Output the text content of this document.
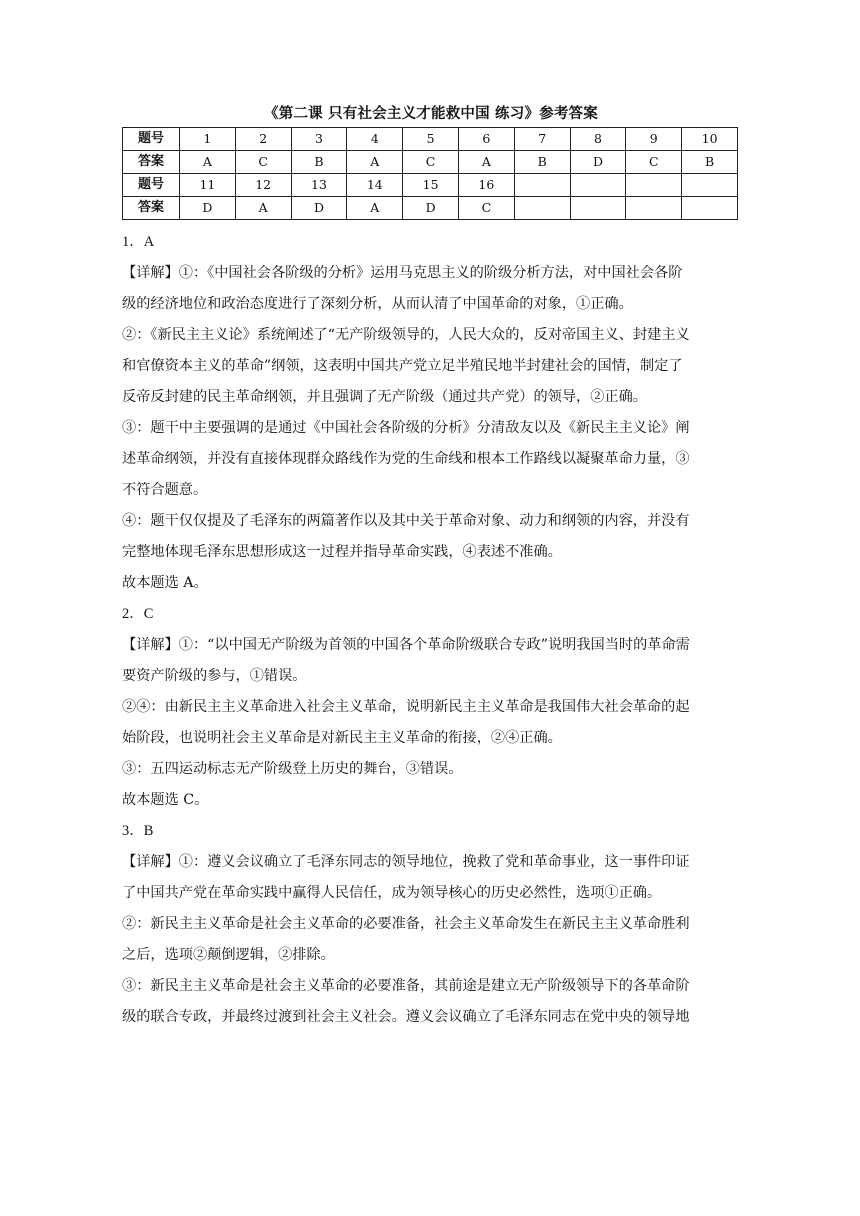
《第二课 只有社会主义才能救中国 练习》参考答案
题号	1	2	3	4	5	6	7	8	9	10
答案	A	C	B	A	C	A	B	D	C	B
题号	11	12	13	14	15	16				
答案	D	A	D	A	D	C				

1．A

【详解】①：《中国社会各阶级的分析》运用马克思主义的阶级分析方法，对中国社会各阶

级的经济地位和政治态度进行了深刻分析，从而认清了中国革命的对象，①正确。

②：《新民主主义论》系统阐述了“无产阶级领导的，人民大众的，反对帝国主义、封建主义

和官僚资本主义的革命”纲领，这表明中国共产党立足半殖民地半封建社会的国情，制定了

反帝反封建的民主革命纲领，并且强调了无产阶级（通过共产党）的领导，②正确。

③：题干中主要强调的是通过《中国社会各阶级的分析》分清敌友以及《新民主主义论》阐

述革命纲领，并没有直接体现群众路线作为党的生命线和根本工作路线以凝聚革命力量，③

不符合题意。

④：题干仅仅提及了毛泽东的两篇著作以及其中关于革命对象、动力和纲领的内容，并没有

完整地体现毛泽东思想形成这一过程并指导革命实践，④表述不准确。

故本题选 A。

2．C

【详解】①：“以中国无产阶级为首领的中国各个革命阶级联合专政”说明我国当时的革命需

要资产阶级的参与，①错误。

②④：由新民主主义革命进入社会主义革命，说明新民主主义革命是我国伟大社会革命的起

始阶段，也说明社会主义革命是对新民主主义革命的衔接，②④正确。

③：五四运动标志无产阶级登上历史的舞台，③错误。

故本题选 C。

3．B

【详解】①：遵义会议确立了毛泽东同志的领导地位，挽救了党和革命事业，这一事件印证

了中国共产党在革命实践中赢得人民信任，成为领导核心的历史必然性，选项①正确。

②：新民主主义革命是社会主义革命的必要准备，社会主义革命发生在新民主主义革命胜利

之后，选项②颠倒逻辑，②排除。

③：新民主主义革命是社会主义革命的必要准备，其前途是建立无产阶级领导下的各革命阶

级的联合专政，并最终过渡到社会主义社会。遵义会议确立了毛泽东同志在党中央的领导地
